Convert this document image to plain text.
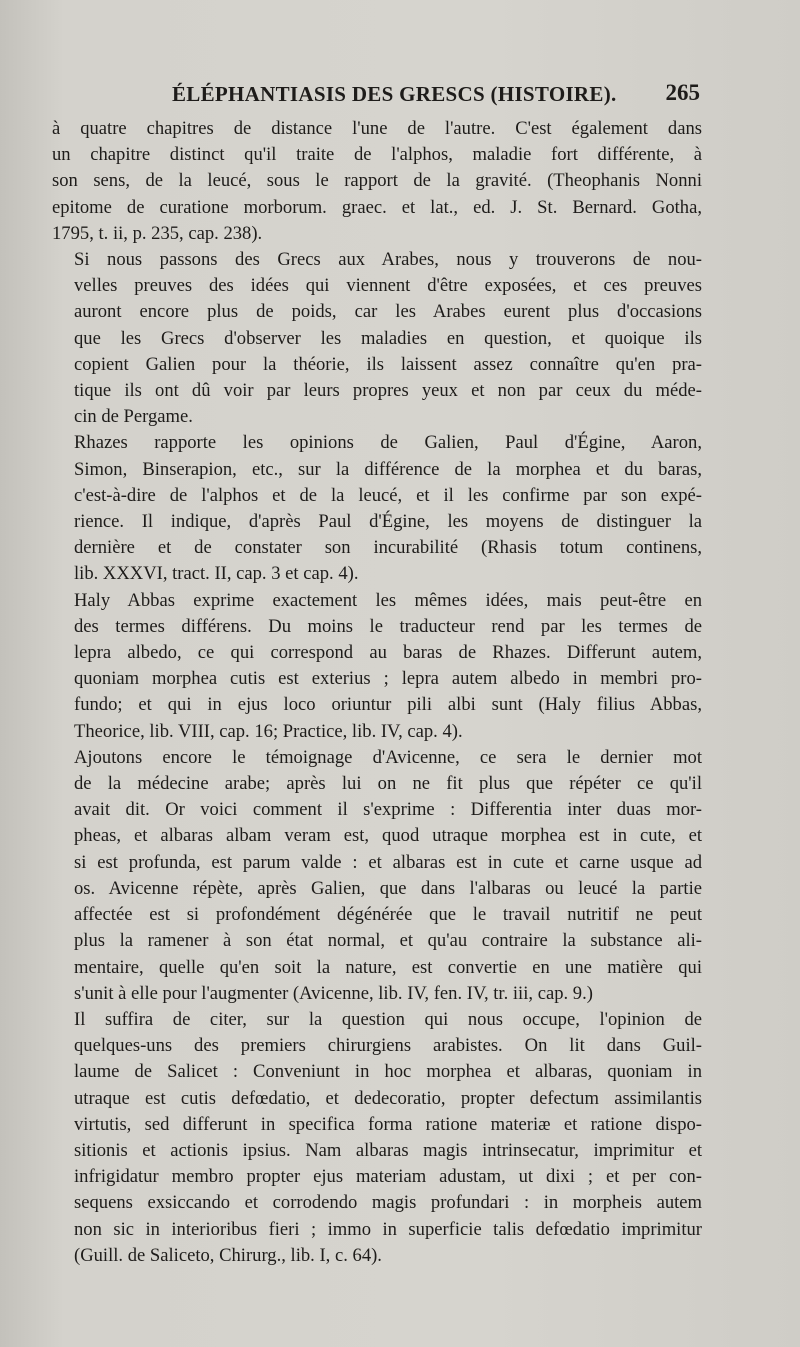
ÉLÉPHANTIASIS DES GRESCS (HISTOIRE). 265
à quatre chapitres de distance l'une de l'autre. C'est également dans
un chapitre distinct qu'il traite de l'alphos, maladie fort différente, à
son sens, de la leucé, sous le rapport de la gravité. (Theophanis Nonni
epitome de curatione morborum. graec. et lat., ed. J. St. Bernard. Gotha,
1795, t. ii, p. 235, cap. 238).
Si nous passons des Grecs aux Arabes, nous y trouverons de nou-
velles preuves des idées qui viennent d'être exposées, et ces preuves
auront encore plus de poids, car les Arabes eurent plus d'occasions
que les Grecs d'observer les maladies en question, et quoique ils
copient Galien pour la théorie, ils laissent assez connaître qu'en pra-
tique ils ont dû voir par leurs propres yeux et non par ceux du méde-
cin de Pergame.
Rhazes rapporte les opinions de Galien, Paul d'Égine, Aaron,
Simon, Binserapion, etc., sur la différence de la morphea et du baras,
c'est-à-dire de l'alphos et de la leucé, et il les confirme par son expé-
rience. Il indique, d'après Paul d'Égine, les moyens de distinguer la
dernière et de constater son incurabilité (Rhasis totum continens,
lib. XXXVI, tract. II, cap. 3 et cap. 4).
Haly Abbas exprime exactement les mêmes idées, mais peut-être en
des termes différens. Du moins le traducteur rend par les termes de
lepra albedo, ce qui correspond au baras de Rhazes. Differunt autem,
quoniam morphea cutis est exterius ; lepra autem albedo in membri pro-
fundo; et qui in ejus loco oriuntur pili albi sunt (Haly filius Abbas,
Theorice, lib. VIII, cap. 16; Practice, lib. IV, cap. 4).
Ajoutons encore le témoignage d'Avicenne, ce sera le dernier mot
de la médecine arabe; après lui on ne fit plus que répéter ce qu'il
avait dit. Or voici comment il s'exprime : Differentia inter duas mor-
pheas, et albaras albam veram est, quod utraque morphea est in cute, et
si est profunda, est parum valde : et albaras est in cute et carne usque ad
os. Avicenne répète, après Galien, que dans l'albaras ou leucé la partie
affectée est si profondément dégénérée que le travail nutritif ne peut
plus la ramener à son état normal, et qu'au contraire la substance ali-
mentaire, quelle qu'en soit la nature, est convertie en une matière qui
s'unit à elle pour l'augmenter (Avicenne, lib. IV, fen. IV, tr. iii, cap. 9.)
Il suffira de citer, sur la question qui nous occupe, l'opinion de
quelques-uns des premiers chirurgiens arabistes. On lit dans Guil-
laume de Salicet : Conveniunt in hoc morphea et albaras, quoniam in
utraque est cutis defœdatio, et dedecoratio, propter defectum assimilantis
virtutis, sed differunt in specifica forma ratione materiæ et ratione dispo-
sitionis et actionis ipsius. Nam albaras magis intrinsecatur, imprimitur et
infrigidatur membro propter ejus materiam adustam, ut dixi ; et per con-
sequens exsiccando et corrodendo magis profundari : in morpheis autem
non sic in interioribus fieri ; immo in superficie talis defœdatio imprimitur
(Guill. de Saliceto, Chirurg., lib. I, c. 64).
